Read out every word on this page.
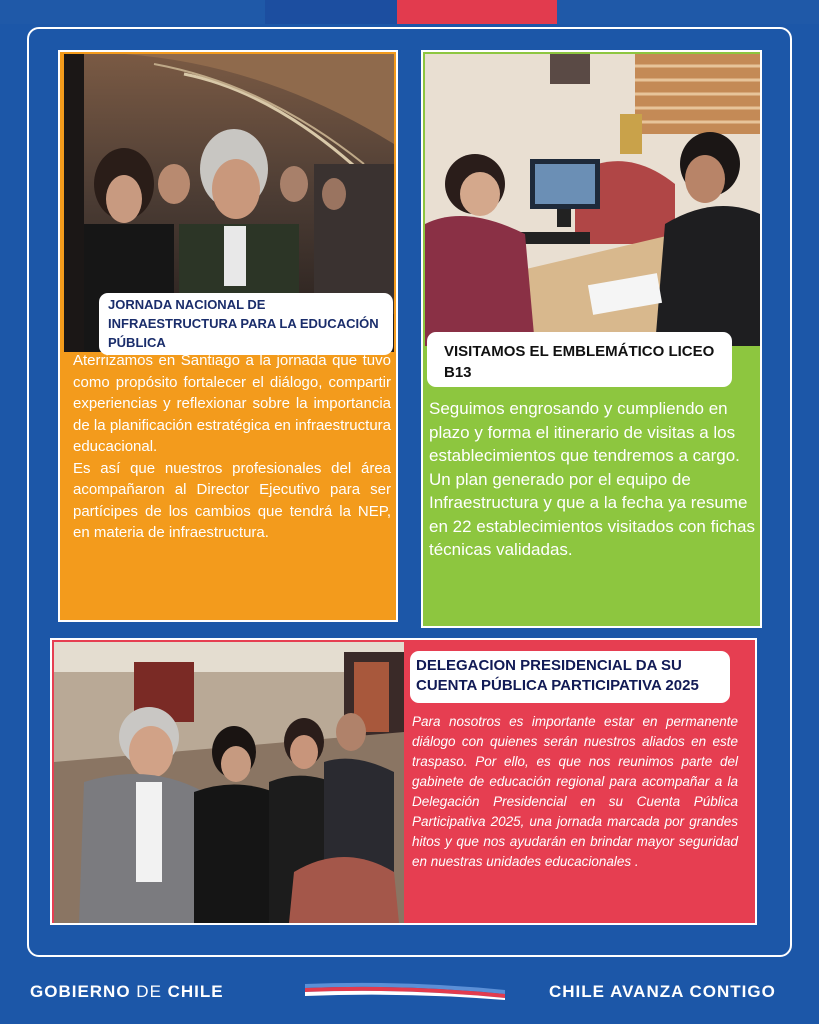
JORNADA NACIONAL DE INFRAESTRUCTURA PARA LA EDUCACIÓN PÚBLICA
Aterrizamos en Santiago a la jornada que tuvo como propósito fortalecer el diálogo, compartir experiencias y reflexionar sobre la importancia de la planificación estratégica en infraestructura educacional.
Es así que nuestros profesionales del área acompañaron al Director Ejecutivo para ser partícipes de los cambios que tendrá la NEP, en materia de infraestructura.
VISITAMOS EL EMBLEMÁTICO LICEO B13
Seguimos engrosando y cumpliendo en plazo y forma el itinerario de visitas a los establecimientos que tendremos a cargo. Un plan generado por el equipo de Infraestructura y que a la fecha ya resume en 22 establecimientos visitados con fichas técnicas validadas.
DELEGACION PRESIDENCIAL DA SU CUENTA PÚBLICA PARTICIPATIVA 2025
Para nosotros es importante estar en permanente diálogo con quienes serán nuestros aliados en este traspaso. Por ello, es que nos reunimos parte del gabinete de educación regional para acompañar a la Delegación Presidencial en su Cuenta Pública Participativa 2025, una jornada marcada por grandes hitos y que nos ayudarán en brindar mayor seguridad en nuestras unidades educacionales .
GOBIERNO DE CHILE	CHILE AVANZA CONTIGO
